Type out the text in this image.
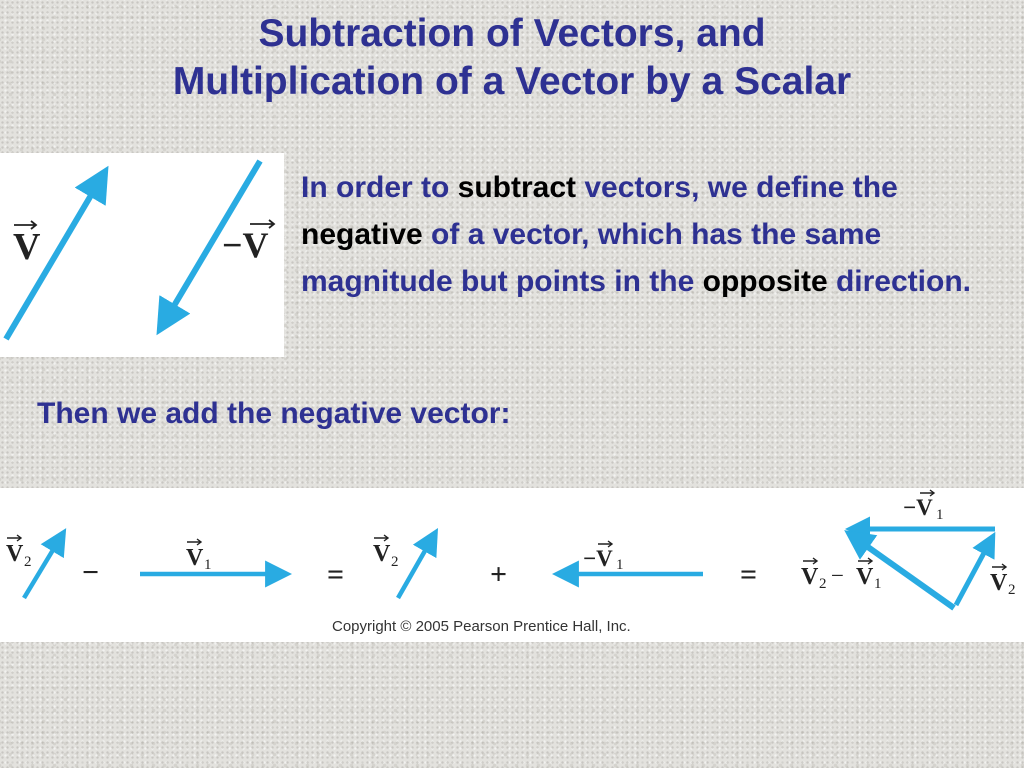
Subtraction of Vectors, and
Multiplication of a Vector by a Scalar
V	−V

In order to subtract vectors, we define the negative of a vector, which has the same magnitude but points in the opposite direction.

Then we add the negative vector:

V 2 −	V 1	=
V 2	+	−V 1	= V 2 − V 1
−V 1
V 2
Copyright © 2005 Pearson Prentice Hall, Inc.
